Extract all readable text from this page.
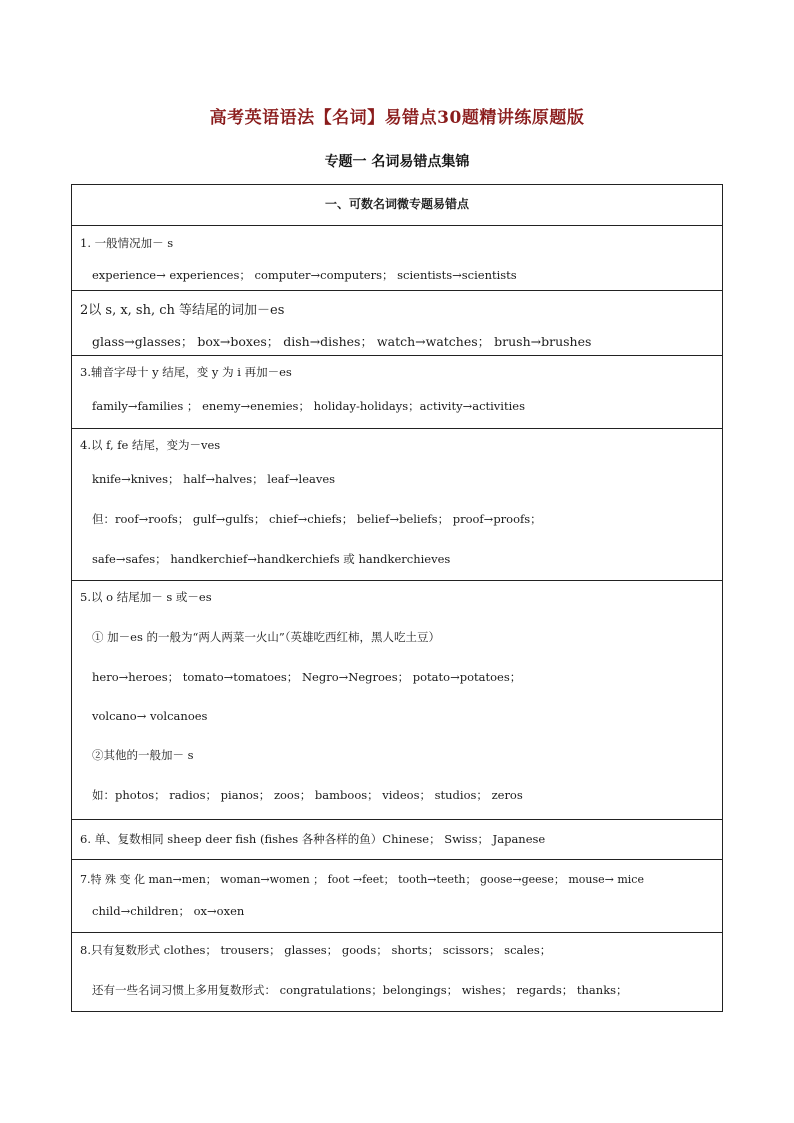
高考英语语法【名词】易错点30题精讲练原题版
专题一 名词易错点集锦
一、可数名词微专题易错点

1. 一般情况加－ s
experience→ experiences； computer→computers； scientists→scientists

2以 s, x, sh, ch 等结尾的词加－es
glass→glasses； box→boxes； dish→dishes； watch→watches； brush→brushes

3.辅音字母十 y 结尾，变 y 为 i 再加－es
family→families ； enemy→enemies； holiday-holidays；activity→activities

4.以 f, fe 结尾，变为－ves
knife→knives； half→halves； leaf→leaves
但：roof→roofs； gulf→gulfs； chief→chiefs； belief→beliefs； proof→proofs；
safe→safes； handkerchief→handkerchiefs 或 handkerchieves

5.以 o 结尾加－ s 或－es
① 加－es 的一般为“两人两菜一火山”（英雄吃西红柿，黑人吃土豆）
hero→heroes； tomato→tomatoes； Negro→Negroes； potato→potatoes；
volcano→ volcanoes
②其他的一般加－ s
如：photos； radios； pianos； zoos； bamboos； videos； studios； zeros

6. 单、复数相同 sheep deer fish (fishes 各种各样的鱼）Chinese； Swiss； Japanese

7.特 殊 变 化 man→men； woman→women ； foot →feet； tooth→teeth； goose→geese； mouse→ mice
child→children； ox→oxen

8.只有复数形式 clothes； trousers； glasses； goods； shorts； scissors； scales；
还有一些名词习惯上多用复数形式： congratulations；belongings； wishes； regards； thanks；
